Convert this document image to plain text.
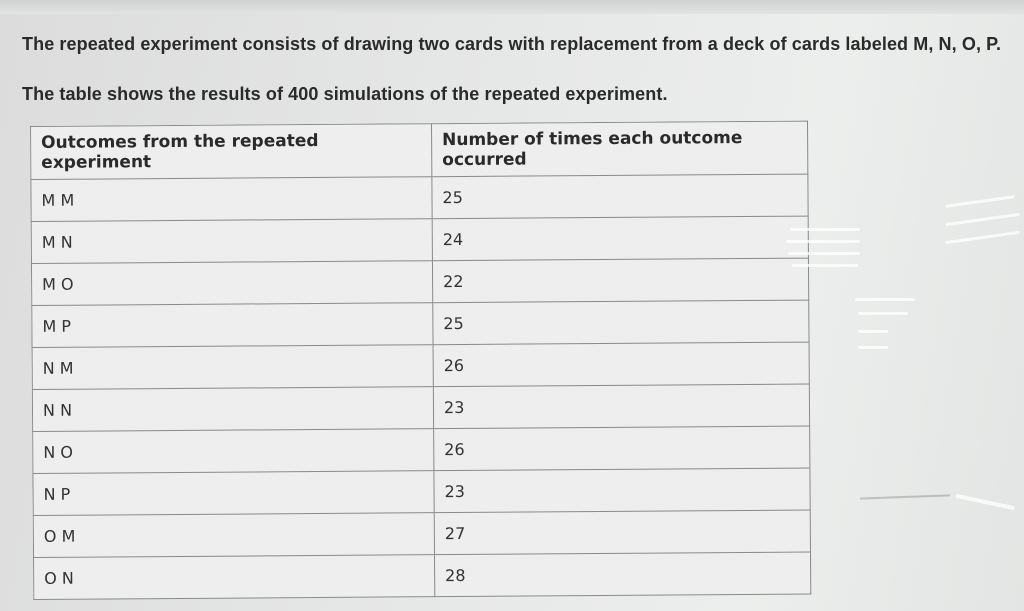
The repeated experiment consists of drawing two cards with replacement from a deck of cards labeled M, N, O, P.
The table shows the results of 400 simulations of the repeated experiment.
Outcomes from the repeated experiment	Number of times each outcome occurred
M M	25
M N	24
M O	22
M P	25
N M	26
N N	23
N O	26
N P	23
O M	27
O N	28
